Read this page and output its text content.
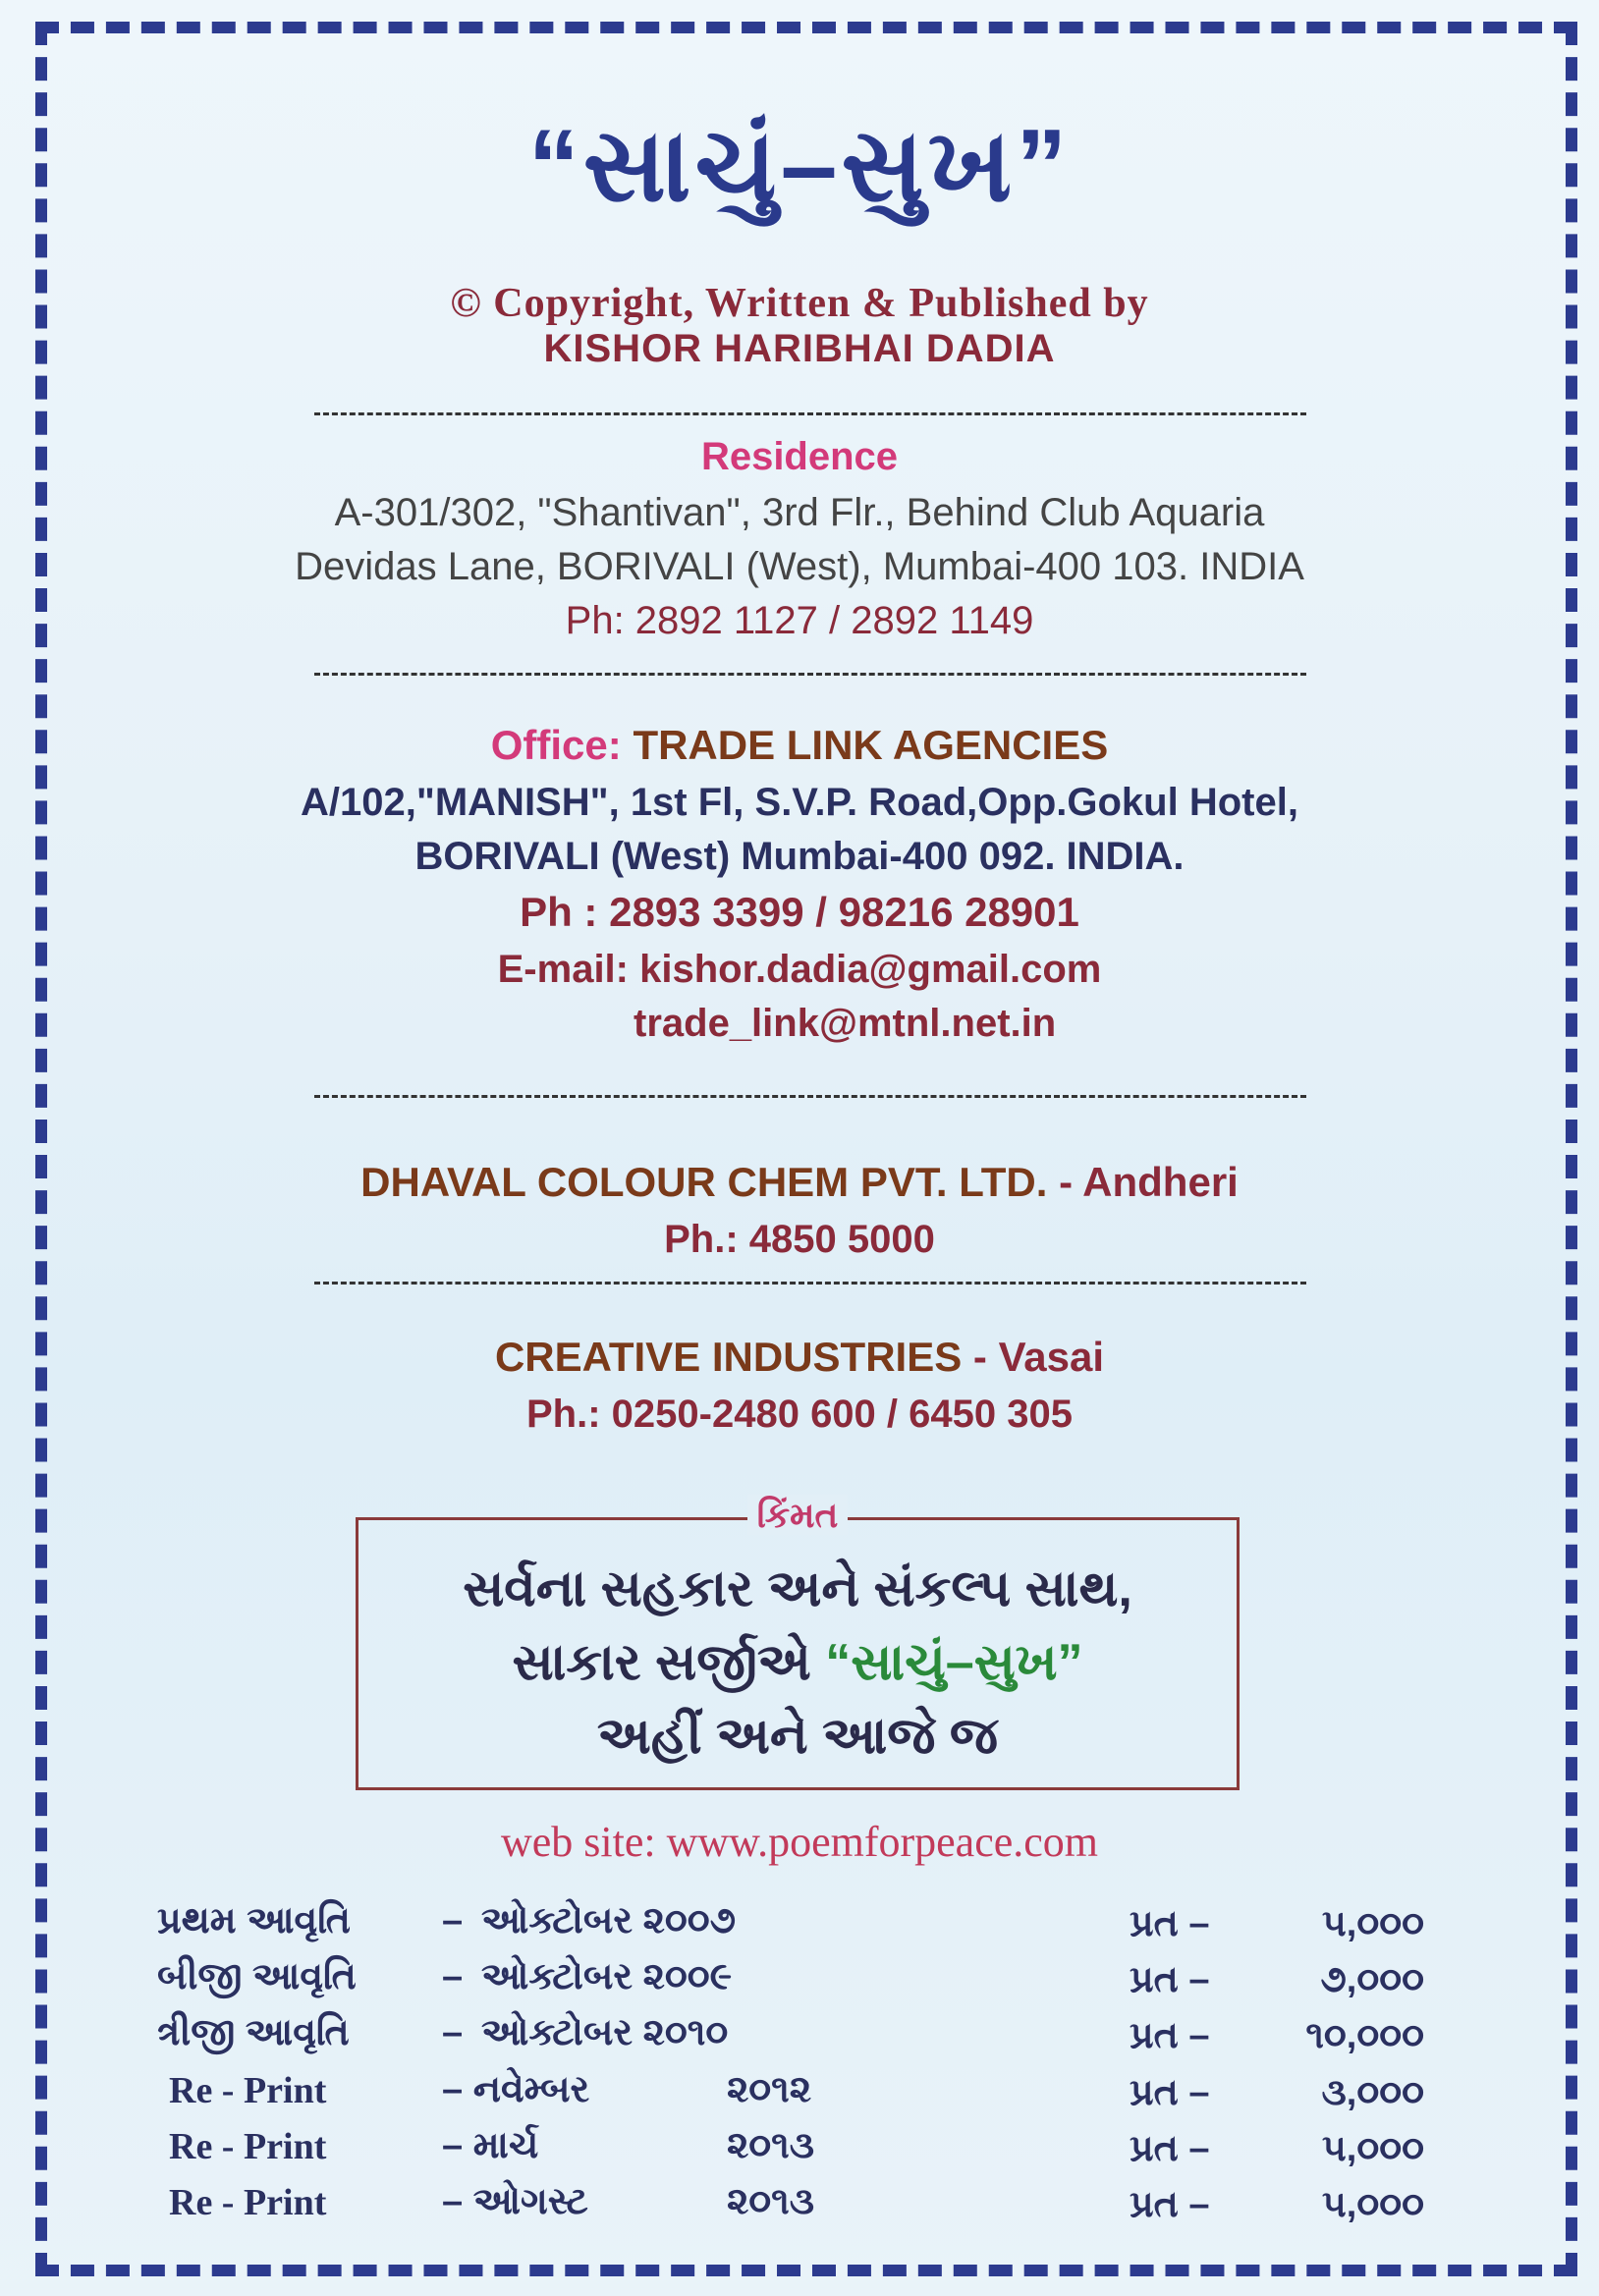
“સાચું–સુખ”
© Copyright, Written & Published by
KISHOR HARIBHAI DADIA
Residence
A-301/302, "Shantivan", 3rd Flr., Behind Club Aquaria
Devidas Lane, BORIVALI (West), Mumbai-400 103. INDIA
Ph: 2892 1127 / 2892 1149
Office: TRADE LINK AGENCIES
A/102,"MANISH", 1st Fl, S.V.P. Road,Opp.Gokul Hotel,
BORIVALI (West) Mumbai-400 092. INDIA.
Ph : 2893 3399 / 98216 28901
E-mail: kishor.dadia@gmail.com
trade_link@mtnl.net.in
DHAVAL COLOUR CHEM PVT. LTD. - Andheri
Ph.: 4850 5000
CREATIVE INDUSTRIES - Vasai
Ph.: 0250-2480 600 / 6450 305
કિંમત
સર્વના સહકાર અને સંકલ્પ સાથ,
સાકાર સર્જીએ “સાચું–સુખ”
અહીં અને આજે જ
web site: www.poemforpeace.com
પ્રથમ આવૃતિ – ઓક્ટોબર ૨૦૦૭	પ્રત –	૫,૦૦૦
બીજી આવૃતિ – ઓક્ટોબર ૨૦૦૯	પ્રત –	૭,૦૦૦
ત્રીજી આવૃતિ – ઓક્ટોબર ૨૦૧૦	પ્રત –	૧૦,૦૦૦
Re - Print	– નવેમ્બર	૨૦૧૨	પ્રત –	૩,૦૦૦
Re - Print	– માર્ચ	૨૦૧૩	પ્રત –	૫,૦૦૦
Re - Print	– ઓગસ્ટ	૨૦૧૩	પ્રત –	૫,૦૦૦
